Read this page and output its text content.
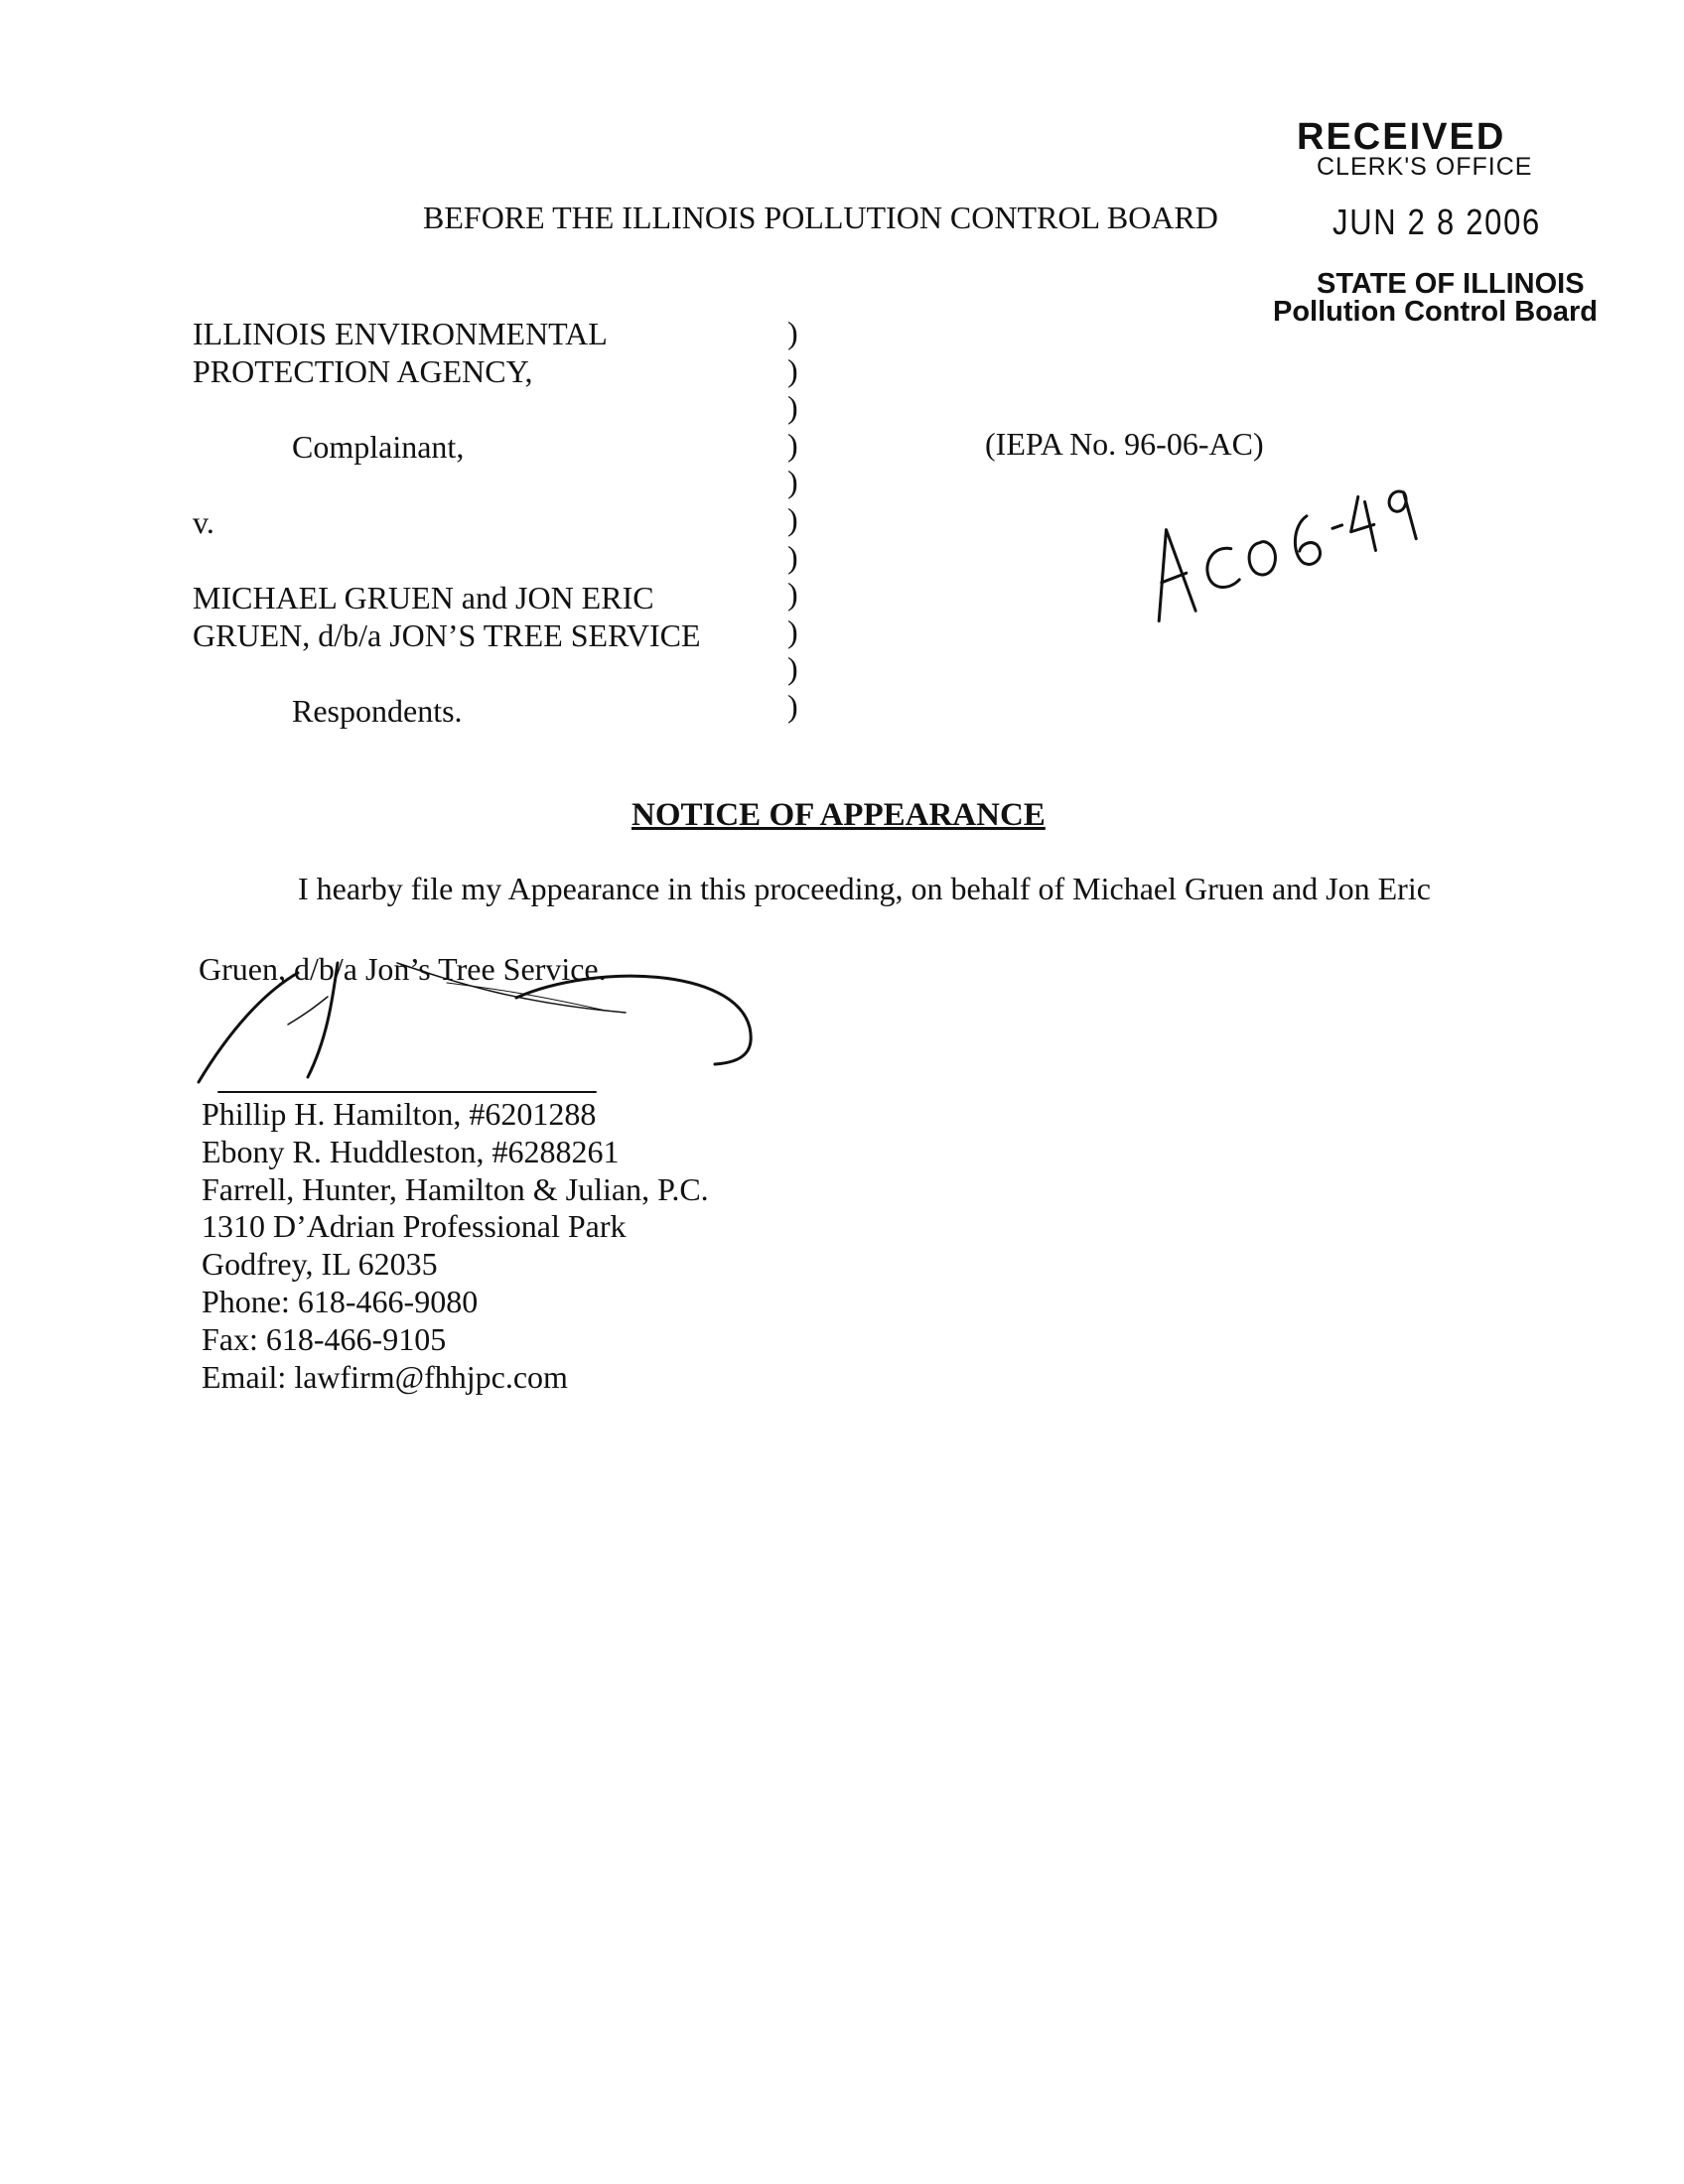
RECEIVED
CLERK'S OFFICE
JUN 2 8 2006
STATE OF ILLINOIS
Pollution Control Board
BEFORE THE ILLINOIS POLLUTION CONTROL BOARD
ILLINOIS ENVIRONMENTAL
PROTECTION AGENCY,
Complainant,
v.
MICHAEL GRUEN and JON ERIC
GRUEN, d/b/a JON’S TREE SERVICE
Respondents.
)
)
)
)
)
)
)
)
)
)
)
(IEPA No. 96-06-AC)
NOTICE OF APPEARANCE
I hearby file my Appearance in this proceeding, on behalf of Michael Gruen and Jon Eric
Gruen, d/b/a Jon’s Tree Service.
Phillip H. Hamilton, #6201288
Ebony R. Huddleston, #6288261
Farrell, Hunter, Hamilton & Julian, P.C.
1310 D’Adrian Professional Park
Godfrey, IL 62035
Phone: 618-466-9080
Fax: 618-466-9105
Email: lawfirm@fhhjpc.com
